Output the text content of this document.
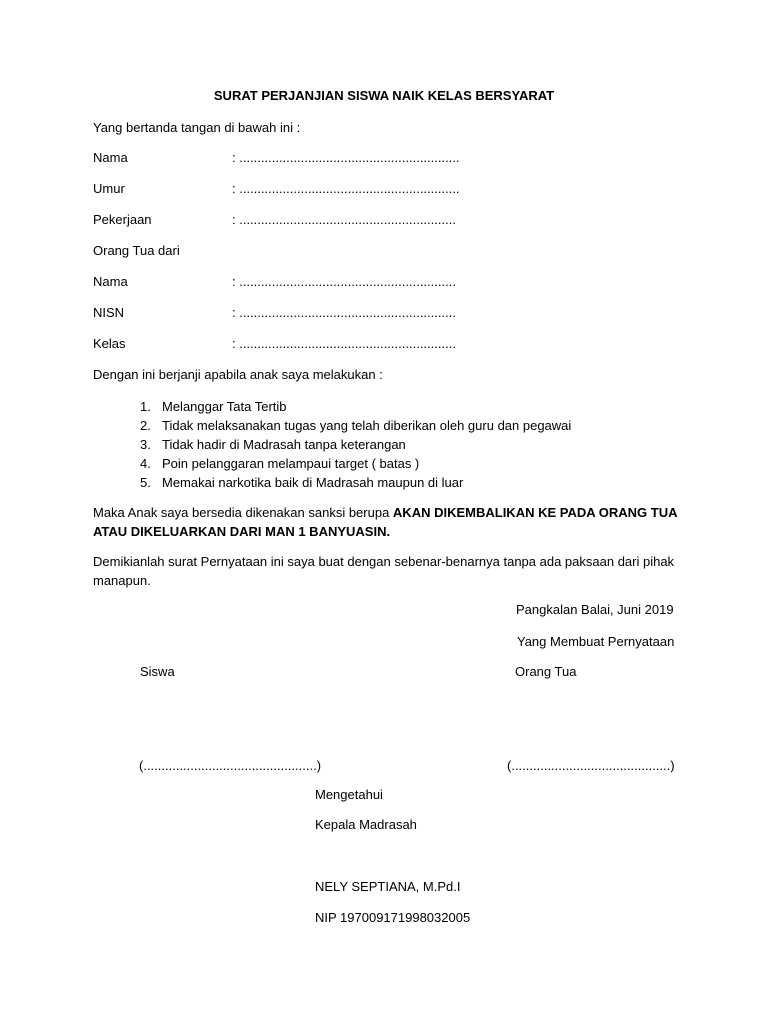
SURAT PERJANJIAN SISWA NAIK KELAS BERSYARAT
Yang bertanda tangan di bawah ini :
Nama	: .............................................................
Umur	: .............................................................
Pekerjaan	: ............................................................
Orang Tua dari
Nama	: ............................................................
NISN	: ............................................................
Kelas	: ............................................................
Dengan ini berjanji apabila anak saya melakukan :
1. Melanggar Tata Tertib
2. Tidak melaksanakan tugas yang telah diberikan oleh guru dan pegawai
3. Tidak hadir di Madrasah tanpa keterangan
4. Poin pelanggaran melampaui target ( batas )
5. Memakai narkotika baik di Madrasah maupun di luar
Maka Anak saya bersedia dikenakan sanksi berupa AKAN DIKEMBALIKAN KE PADA ORANG TUA ATAU DIKELUARKAN DARI MAN 1 BANYUASIN.
Demikianlah surat Pernyataan ini saya buat dengan sebenar-benarnya tanpa ada paksaan dari pihak manapun.
Pangkalan Balai, Juni 2019
Yang Membuat Pernyataan
Siswa	Orang Tua
(................................................)	(............................................)
Mengetahui
Kepala Madrasah
NELY SEPTIANA, M.Pd.I
NIP 197009171998032005
